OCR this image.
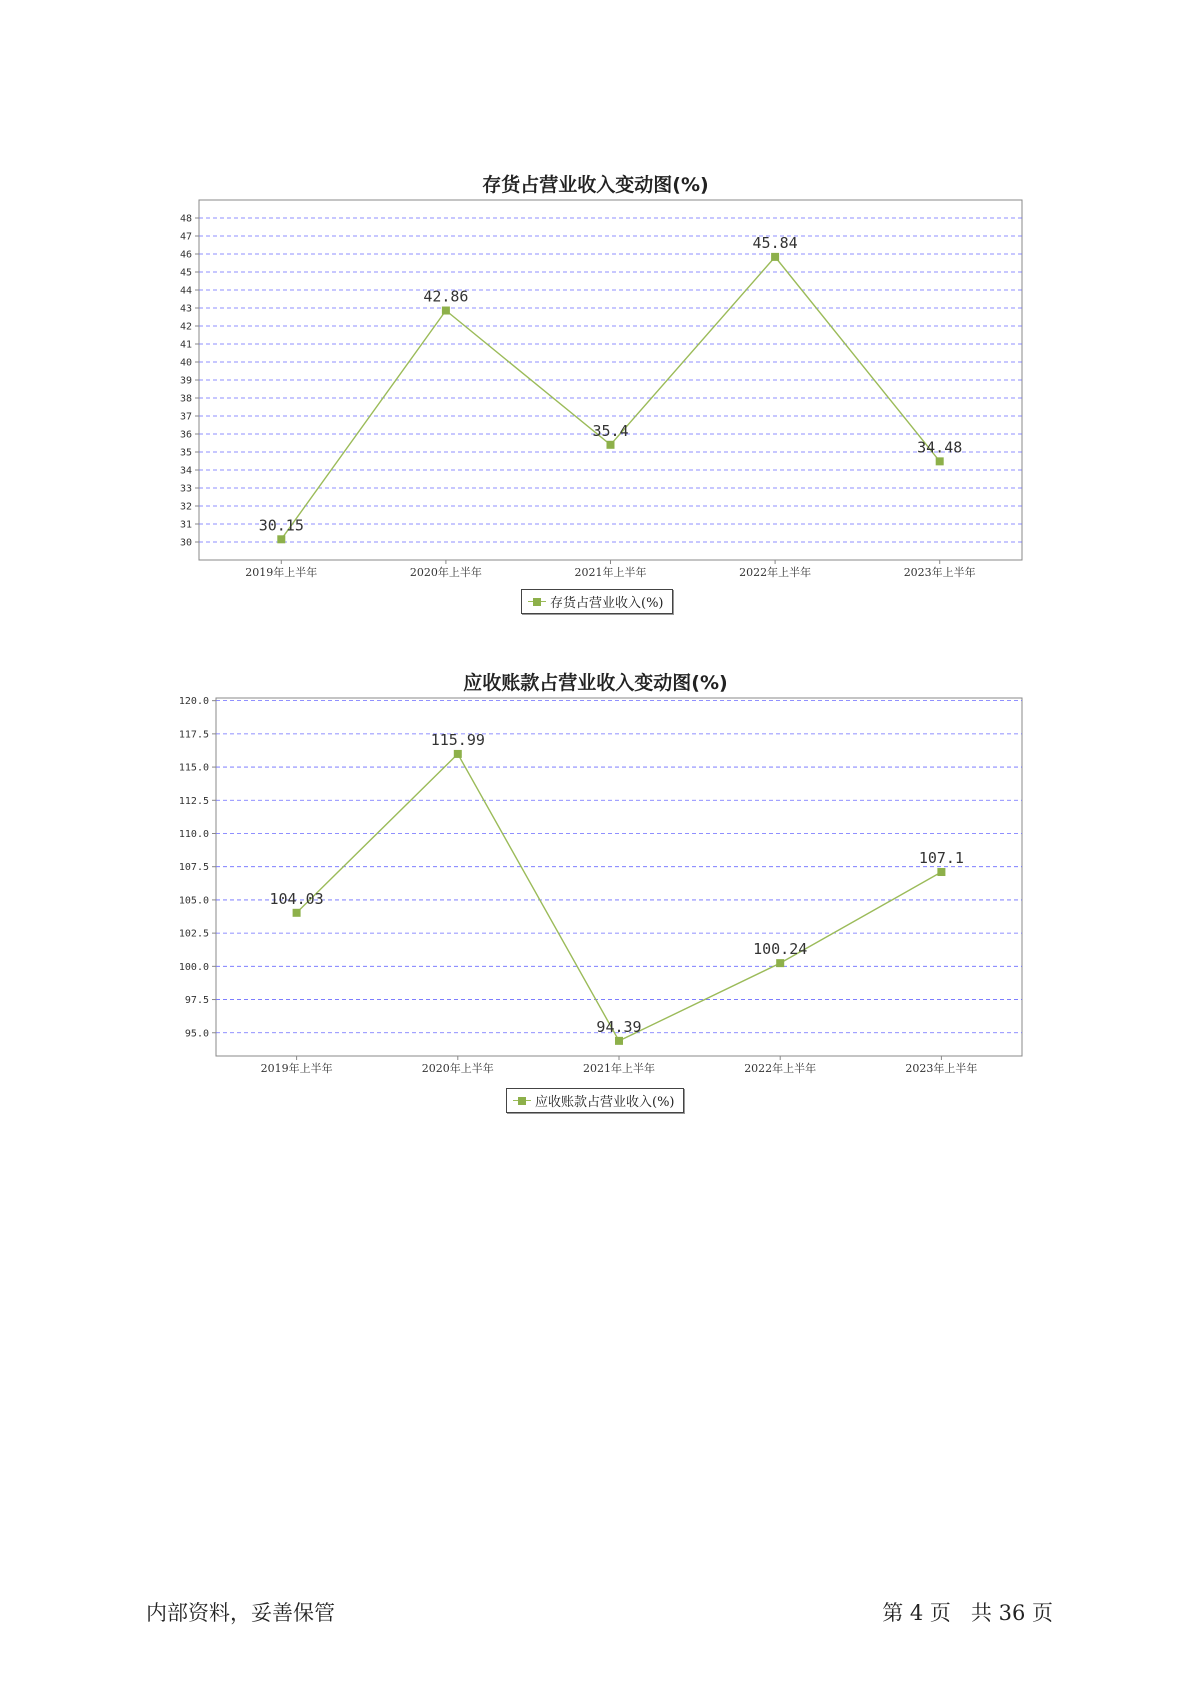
存货占营业收入变动图(%)
30
31
32
33
34
35
36
37
38
39
40
41
42
43
44
45
46
47
48
2019年上半年	2020年上半年	2021年上半年	2022年上半年	2023年上半年
30.15
42.86
35.4
45.84
34.48
存货占营业收入(%)
应收账款占营业收入变动图(%)
95.0
97.5
100.0
102.5
105.0
107.5
110.0
112.5
115.0
117.5
120.0
2019年上半年	2020年上半年	2021年上半年	2022年上半年	2023年上半年
104.03
115.99
94.39
100.24
107.1
应收账款占营业收入(%)
内部资料，妥善保管	第 4 页   共 36 页
